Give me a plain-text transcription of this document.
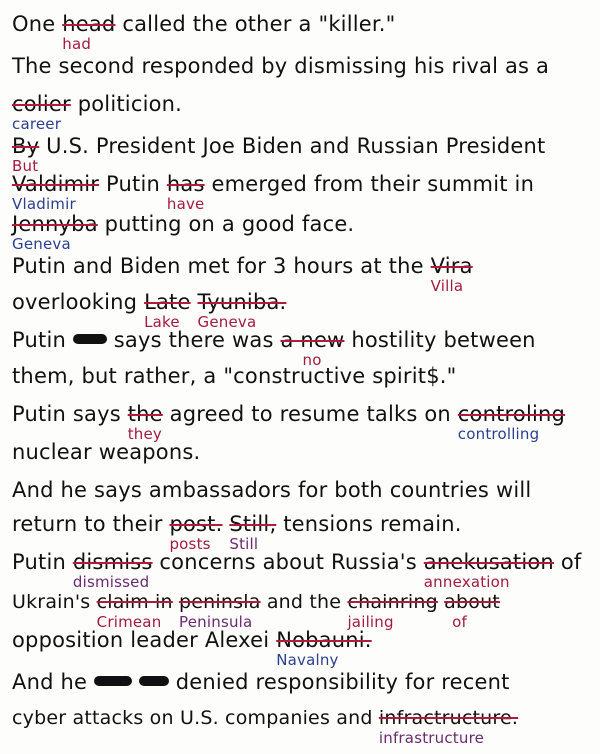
One head
had
called the other a "killer."
The second responded by dismissing his rival as a
colier
career
politicion.
By
But
U.S. President Joe Biden and Russian President
Valdimir
Vladimir
Putin has
have
emerged from their summit in
Jennyba
Geneva
putting on a good face.
Putin and Biden met for 3 hours at the Vira
Villa
overlooking Late
Lake
Tyuniba.
Geneva
Putin  says there was a new
no
hostility between
them, but rather, a "constructive spirit$."
Putin says the
they
agreed to resume talks on controling
controlling
nuclear weapons.
And he says ambassadors for both countries will
return to their post.
posts
Still,
Still
tensions remain.
Putin dismiss
dismissed
concerns about Russia's anekusation
annexation
of
Ukrain's claim in
Crimean
peninsla
Peninsula
and the chainring
jailing
about
of
opposition leader Alexei Nobauni.
Navalny
And he	denied responsibility for recent
cyber attacks on U.S. companies and infractructure.
infrastructure
